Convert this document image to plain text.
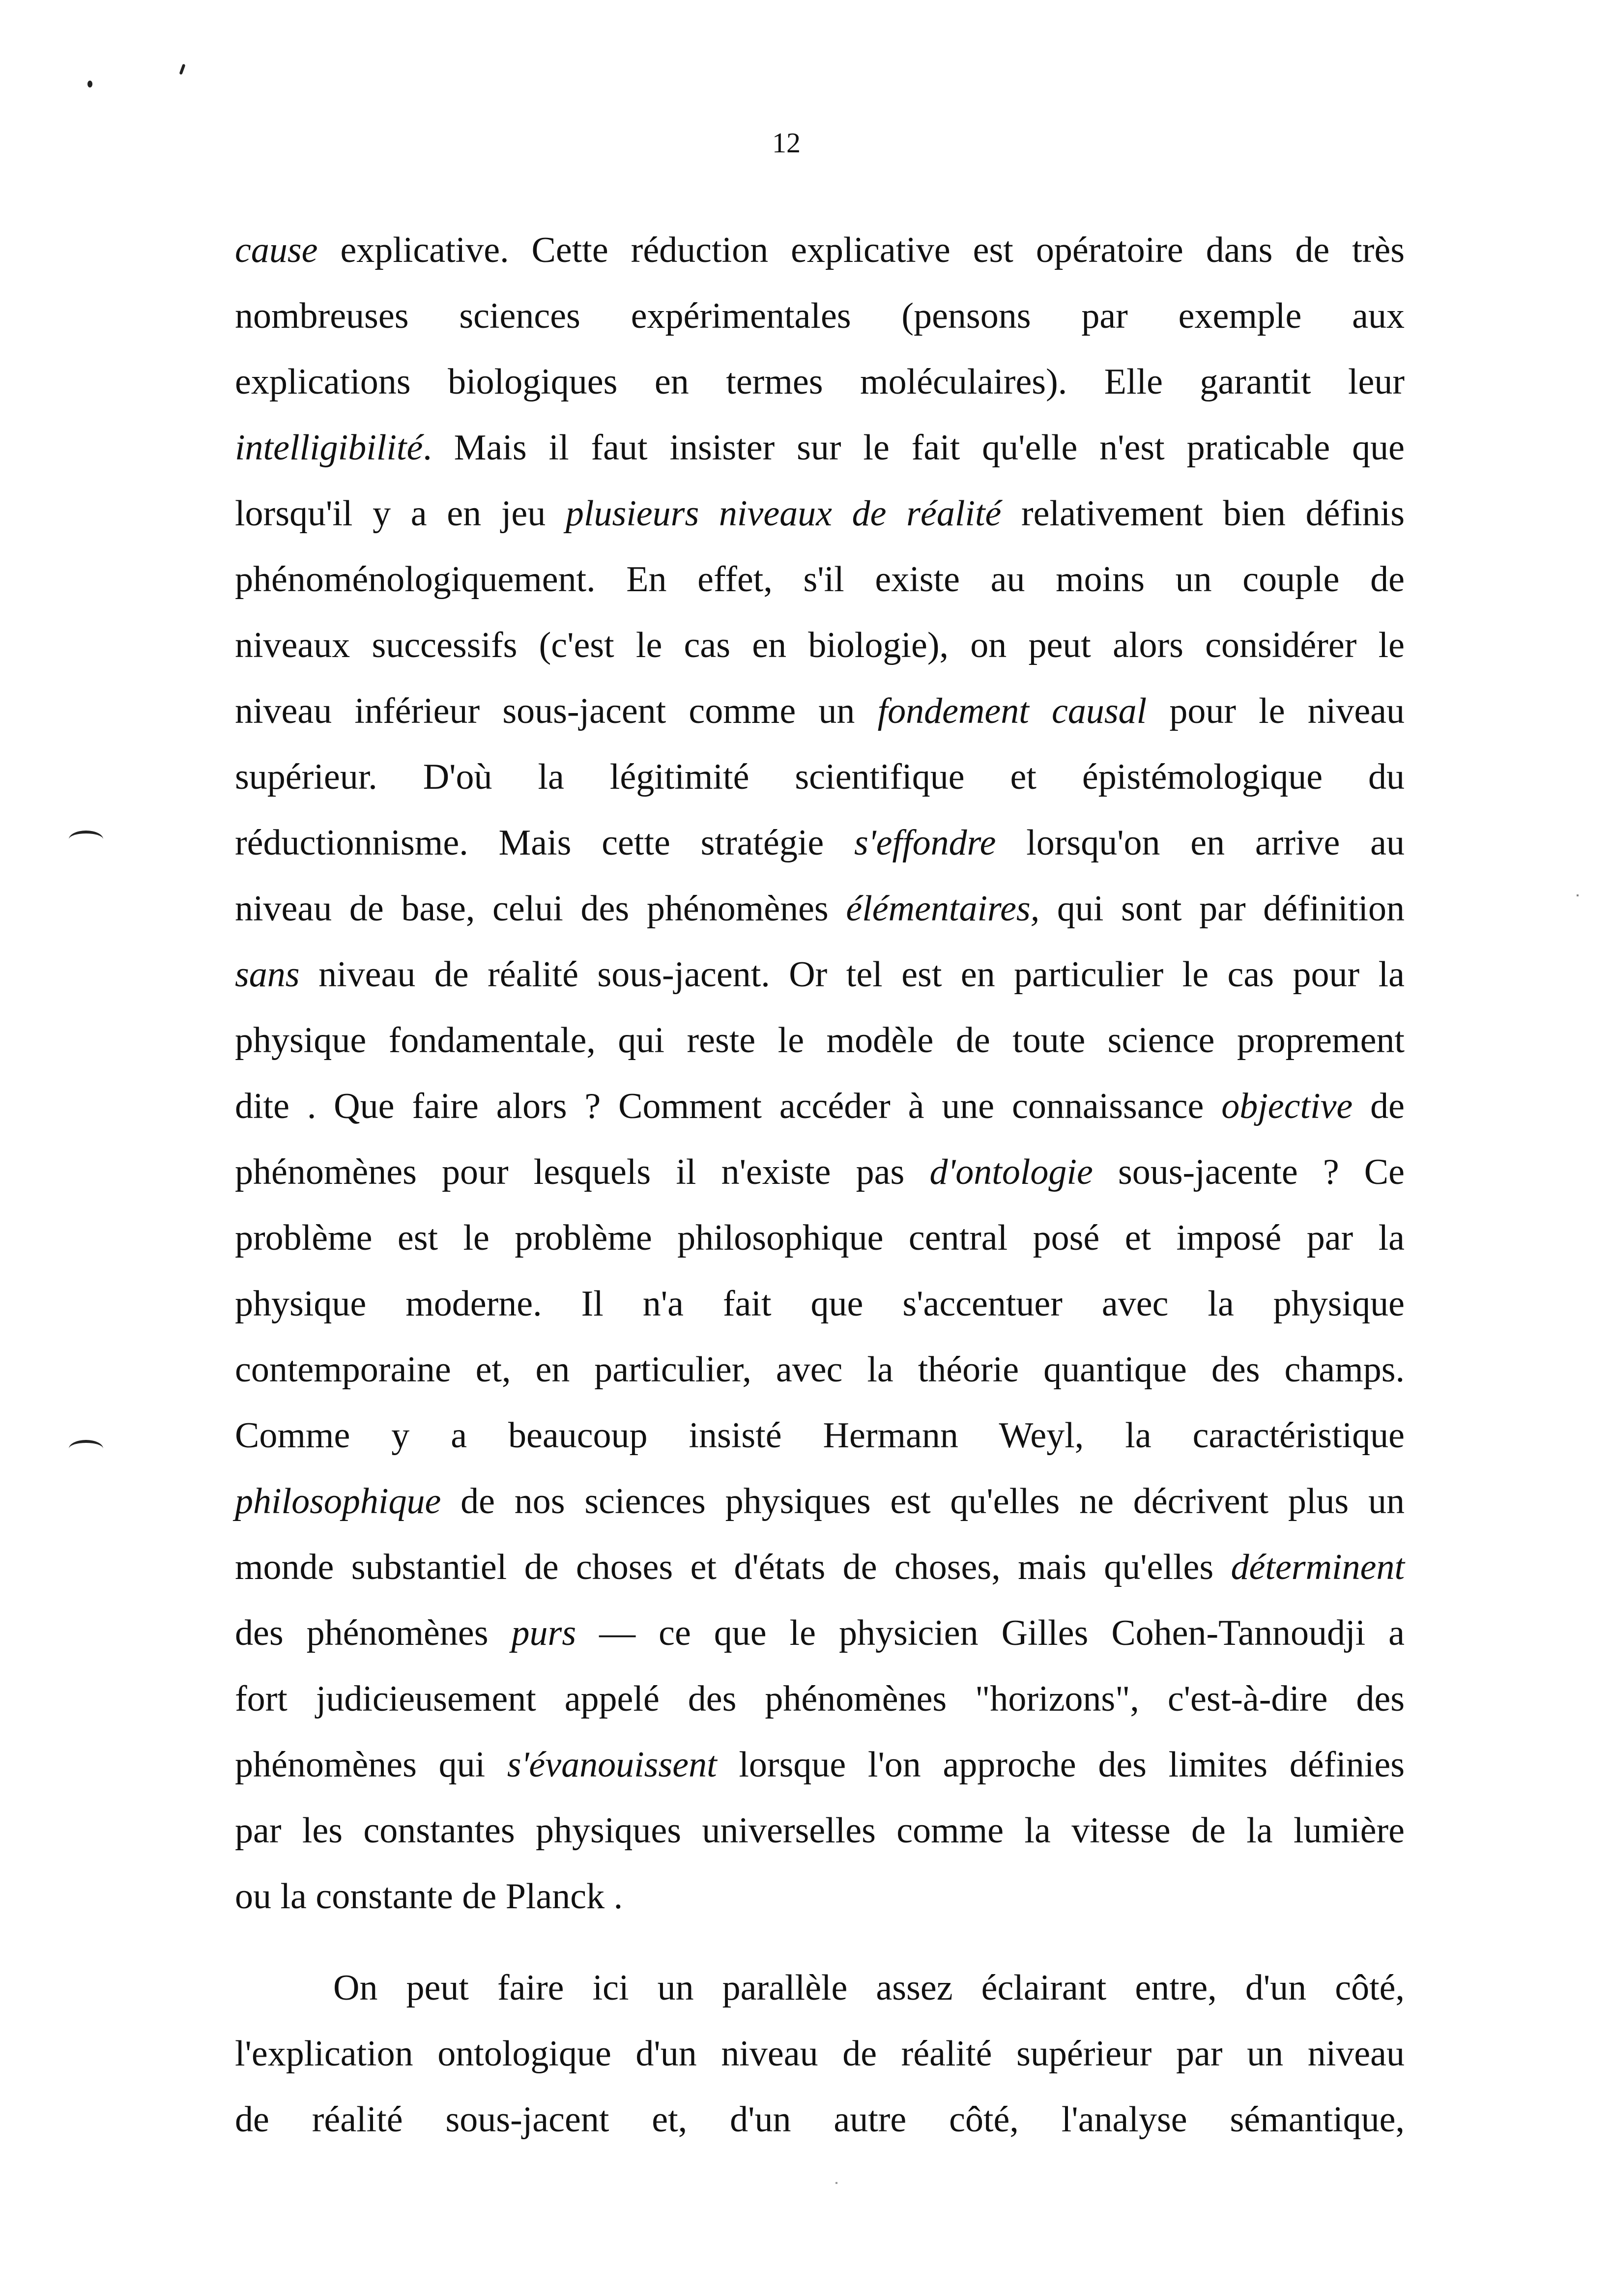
12
cause explicative. Cette réduction explicative est opératoire dans de très
nombreuses sciences expérimentales (pensons par exemple aux
explications biologiques en termes moléculaires). Elle garantit leur
intelligibilité. Mais il faut insister sur le fait qu'elle n'est praticable que
lorsqu'il y a en jeu plusieurs niveaux de réalité relativement bien définis
phénoménologiquement. En effet, s'il existe au moins un couple de
niveaux successifs (c'est le cas en biologie), on peut alors considérer le
niveau inférieur sous-jacent comme un fondement causal pour le niveau
supérieur. D'où la légitimité scientifique et épistémologique du
réductionnisme. Mais cette stratégie s'effondre lorsqu'on en arrive au
niveau de base, celui des phénomènes élémentaires, qui sont par définition
sans niveau de réalité sous-jacent. Or tel est en particulier le cas pour la
physique fondamentale, qui reste le modèle de toute science proprement
dite . Que faire alors ? Comment accéder à une connaissance objective de
phénomènes pour lesquels il n'existe pas d'ontologie sous-jacente ? Ce
problème est le problème philosophique central posé et imposé par la
physique moderne. Il n'a fait que s'accentuer avec la physique
contemporaine et, en particulier, avec la théorie quantique des champs.
Comme y a beaucoup insisté Hermann Weyl, la caractéristique
philosophique de nos sciences physiques est qu'elles ne décrivent plus un
monde substantiel de choses et d'états de choses, mais qu'elles déterminent
des phénomènes purs — ce que le physicien Gilles Cohen-Tannoudji a
fort judicieusement appelé des phénomènes "horizons", c'est-à-dire des
phénomènes qui s'évanouissent lorsque l'on approche des limites définies
par les constantes physiques universelles comme la vitesse de la lumière
ou la constante de Planck .
On peut faire ici un parallèle assez éclairant entre, d'un côté,
l'explication ontologique d'un niveau de réalité supérieur par un niveau
de réalité sous-jacent et, d'un autre côté, l'analyse sémantique,
